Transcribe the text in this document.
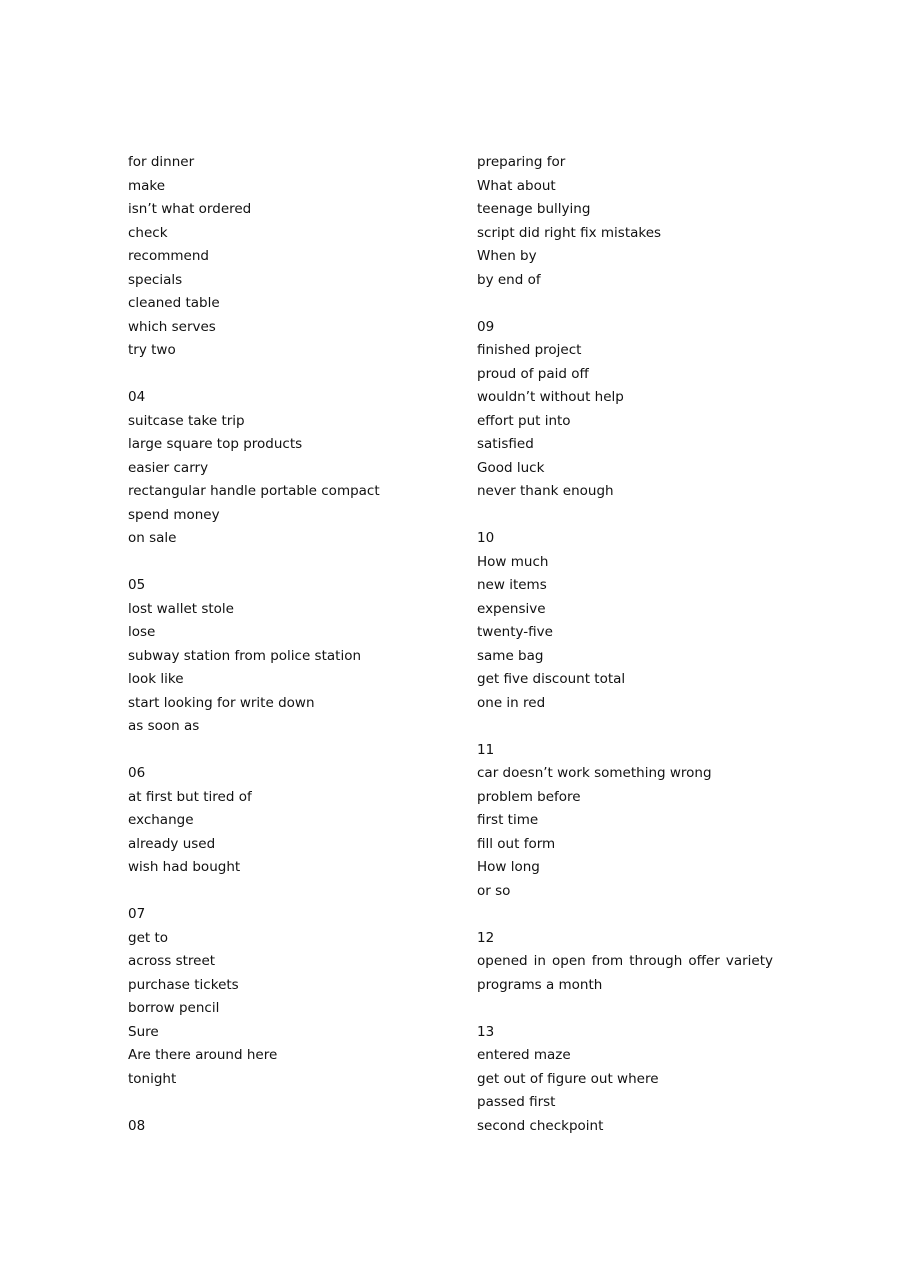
for dinner
make
isn’t what ordered
check
recommend
specials
cleaned table
which serves
try two
04
suitcase take trip
large square top products
easier carry
rectangular handle portable compact
spend money
on sale
05
lost wallet stole
lose
subway station from police station
look like
start looking for write down
as soon as
06
at first but tired of
exchange
already used
wish had bought
07
get to
across street
purchase tickets
borrow pencil
Sure
Are there around here
tonight
08
preparing for
What about
teenage bullying
script did right fix mistakes
When by
by end of
09
finished project
proud of paid off
wouldn’t without help
effort put into
satisfied
Good luck
never thank enough
10
How much
new items
expensive
twenty-five
same bag
get five discount total
one in red
11
car doesn’t work something wrong
problem before
first time
fill out form
How long
or so
12
opened in open from through offer variety
programs a month
13
entered maze
get out of figure out where
passed first
second checkpoint
